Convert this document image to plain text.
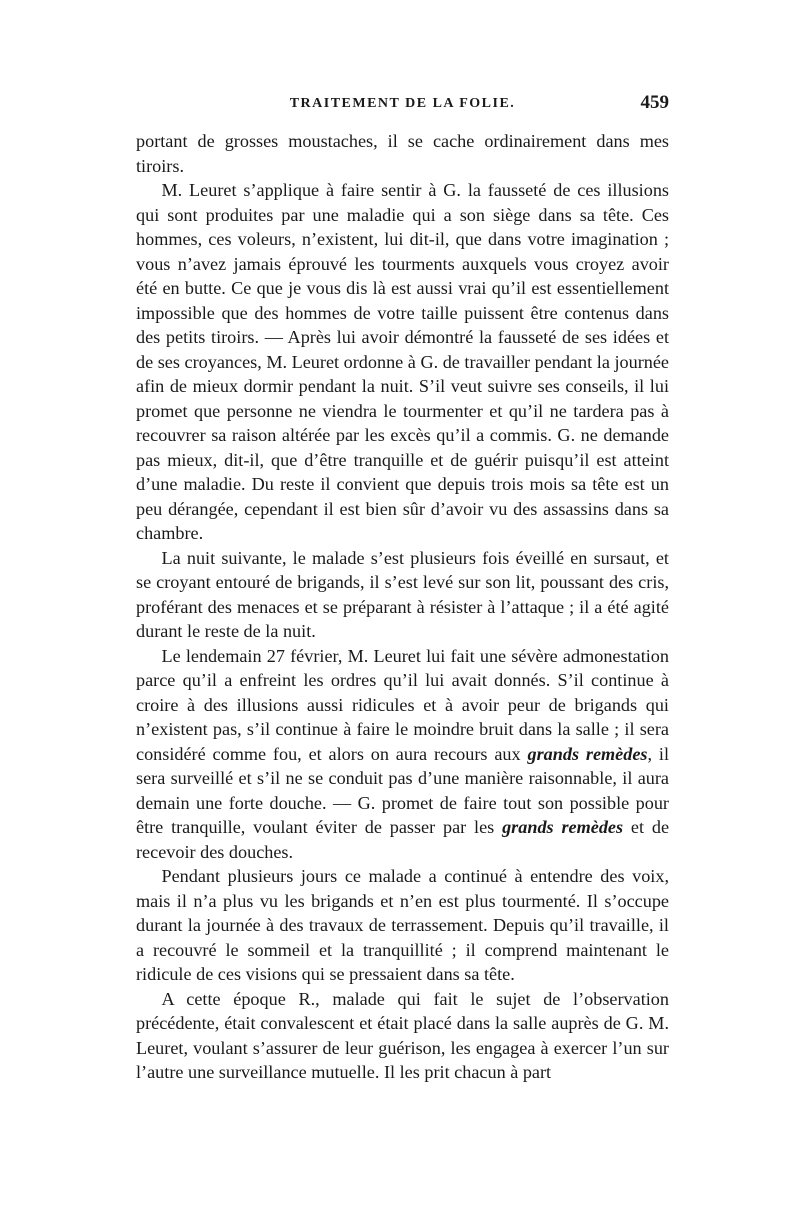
TRAITEMENT DE LA FOLIE.	459

portant de grosses moustaches, il se cache ordinairement dans mes tiroirs.

M. Leuret s’applique à faire sentir à G. la fausseté de ces illusions qui sont produites par une maladie qui a son siège dans sa tête. Ces hommes, ces voleurs, n’existent, lui dit-il, que dans votre imagination ; vous n’avez jamais éprouvé les tourments auxquels vous croyez avoir été en butte. Ce que je vous dis là est aussi vrai qu’il est essentiellement impossible que des hommes de votre taille puissent être contenus dans des petits tiroirs. — Après lui avoir démontré la fausseté de ses idées et de ses croyances, M. Leuret ordonne à G. de travailler pendant la journée afin de mieux dormir pendant la nuit. S’il veut suivre ses conseils, il lui promet que personne ne viendra le tourmenter et qu’il ne tardera pas à recouvrer sa raison altérée par les excès qu’il a commis. G. ne demande pas mieux, dit-il, que d’être tranquille et de guérir puisqu’il est atteint d’une maladie. Du reste il convient que depuis trois mois sa tête est un peu dérangée, cependant il est bien sûr d’avoir vu des assassins dans sa chambre.

La nuit suivante, le malade s’est plusieurs fois éveillé en sursaut, et se croyant entouré de brigands, il s’est levé sur son lit, poussant des cris, proférant des menaces et se préparant à résister à l’attaque ; il a été agité durant le reste de la nuit.

Le lendemain 27 février, M. Leuret lui fait une sévère admonestation parce qu’il a enfreint les ordres qu’il lui avait donnés. S’il continue à croire à des illusions aussi ridicules et à avoir peur de brigands qui n’existent pas, s’il continue à faire le moindre bruit dans la salle ; il sera considéré comme fou, et alors on aura recours aux grands remèdes, il sera surveillé et s’il ne se conduit pas d’une manière raisonnable, il aura demain une forte douche. — G. promet de faire tout son possible pour être tranquille, voulant éviter de passer par les grands remèdes et de recevoir des douches.

Pendant plusieurs jours ce malade a continué à entendre des voix, mais il n’a plus vu les brigands et n’en est plus tourmenté. Il s’occupe durant la journée à des travaux de terrassement. Depuis qu’il travaille, il a recouvré le sommeil et la tranquillité ; il comprend maintenant le ridicule de ces visions qui se pressaient dans sa tête.

A cette époque R., malade qui fait le sujet de l’observation précédente, était convalescent et était placé dans la salle auprès de G. M. Leuret, voulant s’assurer de leur guérison, les engagea à exercer l’un sur l’autre une surveillance mutuelle. Il les prit chacun à part
